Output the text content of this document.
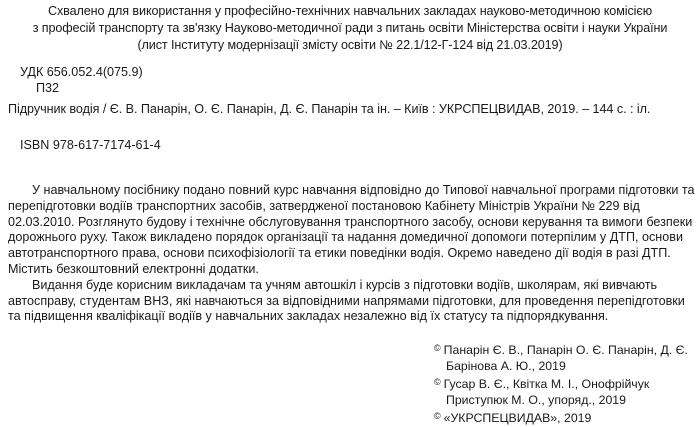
Схвалено для використання у професійно-технічних навчальних закладах науково-методичною комісією
з професій транспорту та зв'язку Науково-методичної ради з питань освіти Міністерства освіти і науки України
(лист Інституту модернізації змісту освіти № 22.1/12-Г-124 від 21.03.2019)
УДК 656.052.4(075.9)
П32
Підручник водія / Є. В. Панарін, О. Є. Панарін, Д. Є. Панарін та ін. – Київ : УКРСПЕЦВИДАВ, 2019. – 144 с. : іл.
ISBN 978-617-7174-61-4

У навчальному посібнику подано повний курс навчання відповідно до Типової навчальної програми підготовки та перепідготовки водіїв транспортних засобів, затвердженої постановою Кабінету Міністрів України № 229 від 02.03.2010. Розглянуто будову і технічне обслуговування транспортного засобу, основи керування та вимоги безпеки дорожнього руху. Також викладено порядок організації та надання домедичної допомоги потерпілим у ДТП, основи автотранспортного права, основи психофізіології та етики поведінки водія. Окремо наведено дії водія в разі ДТП. Містить безкоштовний електронні додатки.

Видання буде корисним викладачам та учням автошкіл і курсів з підготовки водіїв, школярам, які вивчають автосправу, студентам ВНЗ, які навчаються за відповідними напрямами підготовки, для проведення перепідготовки та підвищення кваліфікації водіїв у навчальних закладах незалежно від їх статусу та підпорядкування.

© Панарін Є. В., Панарін О. Є. Панарін, Д. Є.
Барінова А. Ю., 2019
© Гусар В. Є., Квітка М. І., Онофрійчук
Приступюк М. О., упоряд., 2019
© «УКРСПЕЦВИДАВ», 2019
